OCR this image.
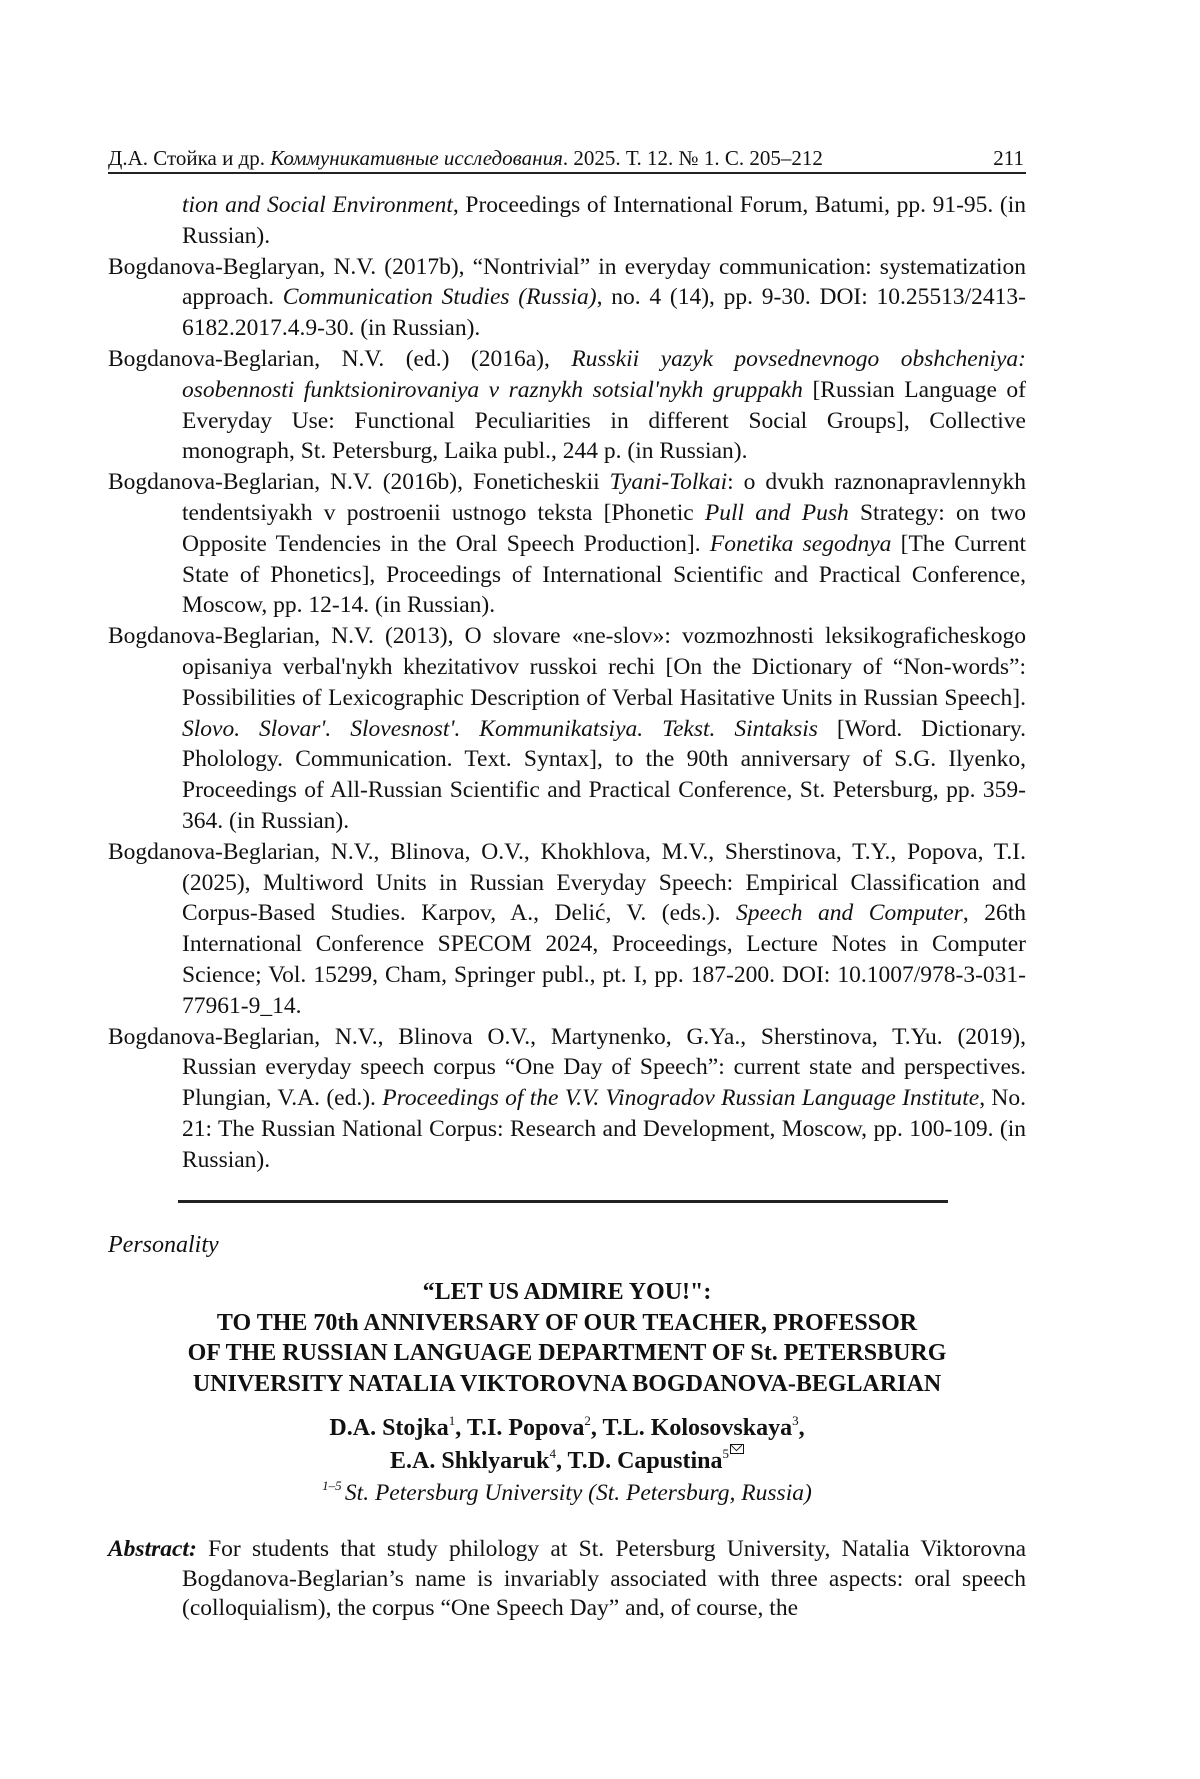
Д.А. Стойка и др. Коммуникативные исследования. 2025. Т. 12. № 1. С. 205–212	211

tion and Social Environment, Proceedings of International Forum, Batumi, pp. 91-95. (in Russian).

Bogdanova-Beglaryan, N.V. (2017b), “Nontrivial” in everyday communication: systematization approach. Communication Studies (Russia), no. 4 (14), pp. 9-30. DOI: 10.25513/2413-6182.2017.4.9-30. (in Russian).

Bogdanova-Beglarian, N.V. (ed.) (2016a), Russkii yazyk povsednevnogo obshcheniya: osobennosti funktsionirovaniya v raznykh sotsial'nykh gruppakh [Russian Language of Everyday Use: Functional Peculiarities in different Social Groups], Collective monograph, St. Petersburg, Laika publ., 244 p. (in Russian).

Bogdanova-Beglarian, N.V. (2016b), Foneticheskii Tyani-Tolkai: o dvukh raznonapravlennykh tendentsiyakh v postroenii ustnogo teksta [Phonetic Pull and Push Strategy: on two Opposite Tendencies in the Oral Speech Production]. Fonetika segodnya [The Current State of Phonetics], Proceedings of International Scientific and Practical Conference, Moscow, pp. 12-14. (in Russian).

Bogdanova-Beglarian, N.V. (2013), O slovare «ne-slov»: vozmozhnosti leksikograficheskogo opisaniya verbal'nykh khezitativov russkoi rechi [On the Dictionary of “Non-words”: Possibilities of Lexicographic Description of Verbal Hasitative Units in Russian Speech]. Slovo. Slovar'. Slovesnost'. Kommunikatsiya. Tekst. Sintaksis [Word. Dictionary. Pholology. Communication. Text. Syntax], to the 90th anniversary of S.G. Ilyenko, Proceedings of All-Russian Scientific and Practical Conference, St. Petersburg, pp. 359-364. (in Russian).

Bogdanova-Beglarian, N.V., Blinova, O.V., Khokhlova, M.V., Sherstinova, T.Y., Popova, T.I. (2025), Multiword Units in Russian Everyday Speech: Empirical Classification and Corpus-Based Studies. Karpov, A., Delić, V. (eds.). Speech and Computer, 26th International Conference SPECOM 2024, Proceedings, Lecture Notes in Computer Science; Vol. 15299, Cham, Springer publ., pt. I, pp. 187-200. DOI: 10.1007/978-3-031-77961-9_14.

Bogdanova-Beglarian, N.V., Blinova O.V., Martynenko, G.Ya., Sherstinova, T.Yu. (2019), Russian everyday speech corpus “One Day of Speech”: current state and perspectives. Plungian, V.A. (ed.). Proceedings of the V.V. Vinogradov Russian Language Institute, No. 21: The Russian National Corpus: Research and Development, Moscow, pp. 100-109. (in Russian).

Personality
“LET US ADMIRE YOU!":
TO THE 70th ANNIVERSARY OF OUR TEACHER, PROFESSOR
OF THE RUSSIAN LANGUAGE DEPARTMENT OF St. PETERSBURG
UNIVERSITY NATALIA VIKTOROVNA BOGDANOVA-BEGLARIAN
D.A. Stojka$^1$, T.I. Popova$^2$, T.L. Kolosovskaya$^3$,
E.A. Shklyaruk$^4$, T.D. Capustina$^5$
$^{1-5}$ St. Petersburg University (St. Petersburg, Russia)
Abstract: For students that study philology at St. Petersburg University, Natalia Viktorovna Bogdanova-Beglarian’s name is invariably associated with three aspects: oral speech (colloquialism), the corpus “One Speech Day” and, of course, the
